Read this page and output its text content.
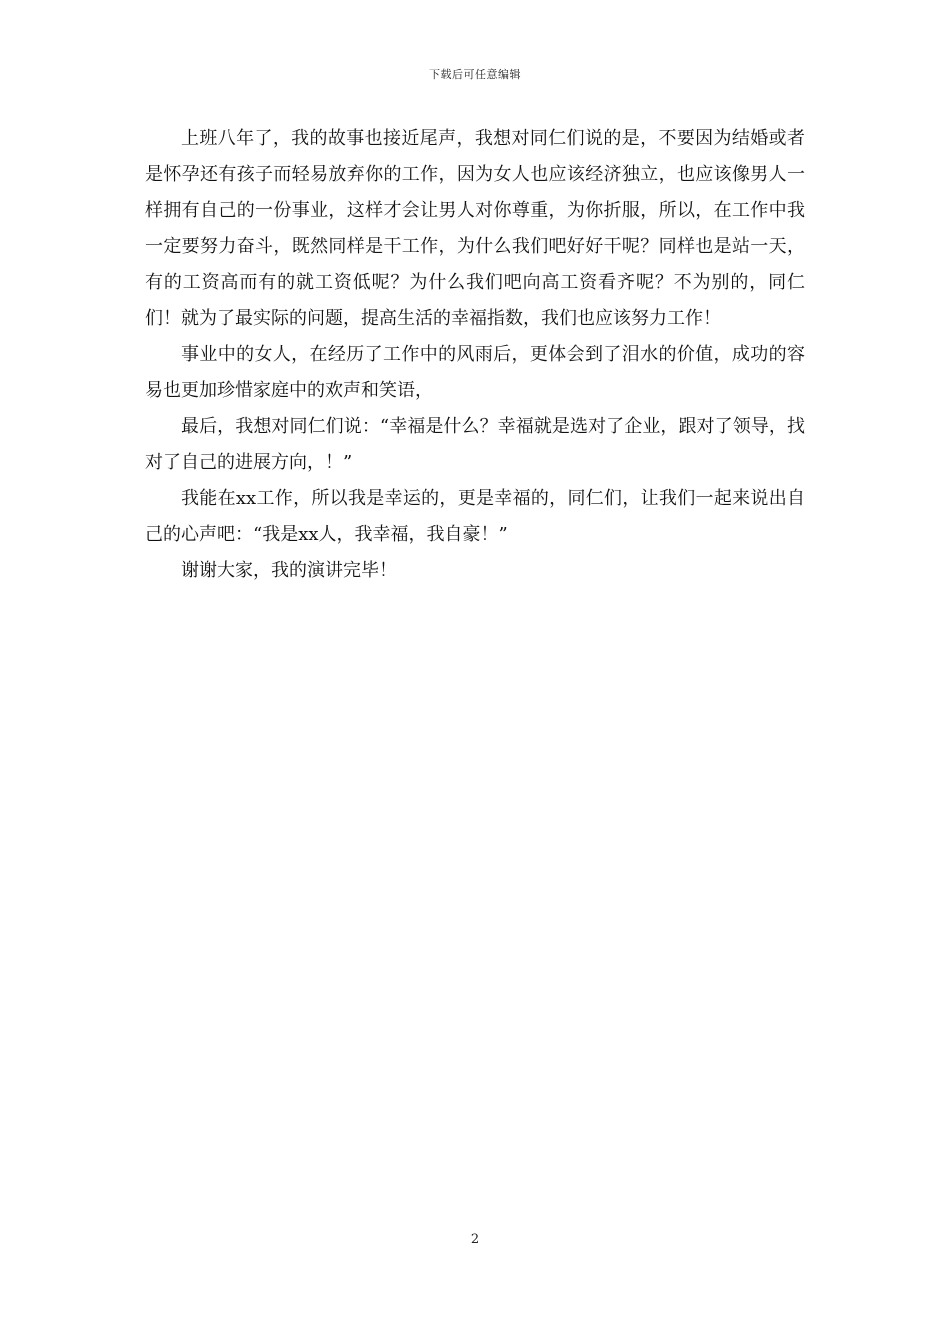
下载后可任意编辑

上班八年了，我的故事也接近尾声，我想对同仁们说的是，不要因为结婚或者是怀孕还有孩子而轻易放弃你的工作，因为女人也应该经济独立，也应该像男人一样拥有自己的一份事业，这样才会让男人对你尊重，为你折服，所以，在工作中我一定要努力奋斗，既然同样是干工作，为什么我们吧好好干呢？同样也是站一天，有的工资高而有的就工资低呢？为什么我们吧向高工资看齐呢？不为别的，同仁们！就为了最实际的问题，提高生活的幸福指数，我们也应该努力工作！

事业中的女人，在经历了工作中的风雨后，更体会到了泪水的价值，成功的容易也更加珍惜家庭中的欢声和笑语，

最后，我想对同仁们说：“幸福是什么？幸福就是选对了企业，跟对了领导，找对了自己的进展方向，！”

我能在xx工作，所以我是幸运的，更是幸福的，同仁们，让我们一起来说出自己的心声吧：“我是xx人，我幸福，我自豪！”

谢谢大家，我的演讲完毕！

2
